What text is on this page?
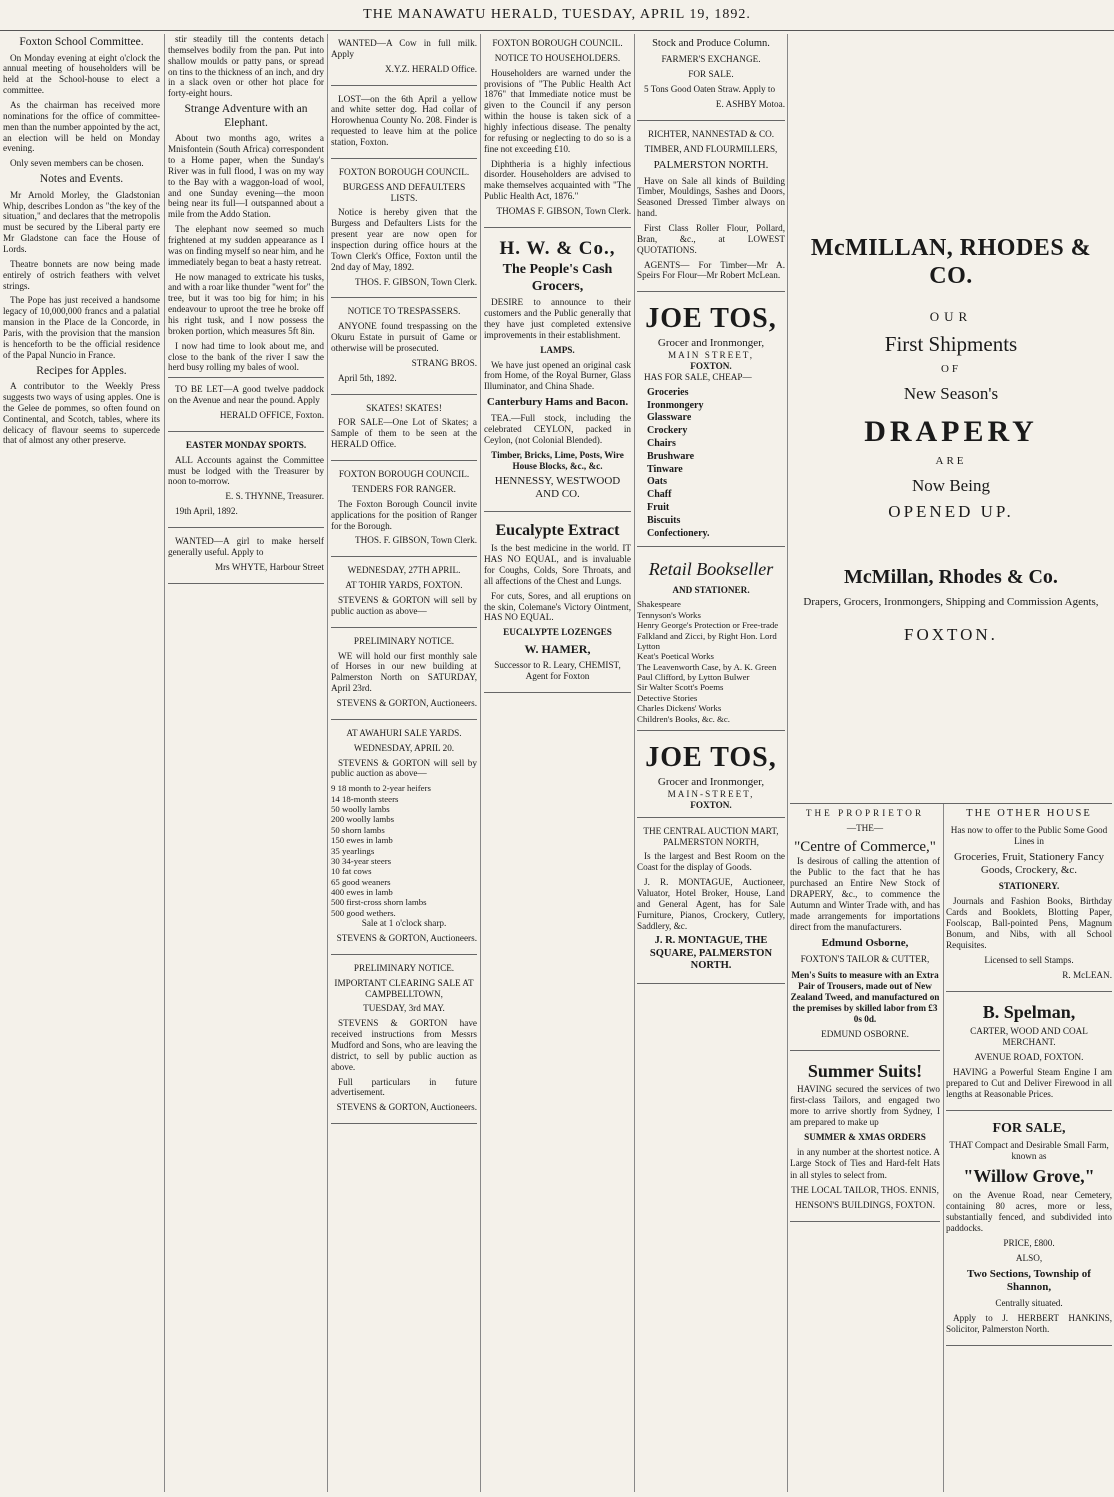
THE MANAWATU HERALD, TUESDAY, APRIL 19, 1892.
Foxton School Committee.

On Monday evening at eight o'clock the annual meeting of householders will be held at the School-house to elect a committee.

As the chairman has received more nominations for the office of committee-men than the number appointed by the act, an election will be held on Monday evening.

Only seven members can be chosen.

Notes and Events.

Mr Arnold Morley, the Gladstonian Whip, describes London as "the key of the situation," and declares that the metropolis must be secured by the Liberal party ere Mr Gladstone can face the House of Lords.

Theatre bonnets are now being made entirely of ostrich feathers with velvet strings.

The Pope has just received a handsome legacy of 10,000,000 francs and a palatial mansion in the Place de la Concorde, in Paris, with the provision that the mansion is henceforth to be the official residence of the Papal Nuncio in France.

Recipes for Apples.

A contributor to the Weekly Press suggests two ways of using apples. One is the Gelee de pommes, so often found on Continental, and Scotch, tables, where its delicacy of flavour seems to supercede that of almost any other preserve.

stir steadily till the contents detach themselves bodily from the pan. Put into shallow moulds or patty pans, or spread on tins to the thickness of an inch, and dry in a slack oven or other hot place for forty-eight hours.

Strange Adventure with an Elephant.

About two months ago, writes a Mnisfontein (South Africa) correspondent to a Home paper, when the Sunday's River was in full flood, I was on my way to the Bay with a waggon-load of wool, and one Sunday evening—the moon being near its full—I outspanned about a mile from the Addo Station.

The elephant now seemed so much frightened at my sudden appearance as I was on finding myself so near him, and he immediately began to beat a hasty retreat.

He now managed to extricate his tusks, and with a roar like thunder "went for" the tree, but it was too big for him; in his endeavour to uproot the tree he broke off his right tusk, and I now possess the broken portion, which measures 5ft 8in.

I now had time to look about me, and close to the bank of the river I saw the herd busy rolling my bales of wool.

TO BE LET—A good twelve paddock on the Avenue and near the pound. Apply

HERALD OFFICE, Foxton.

EASTER MONDAY SPORTS.

ALL Accounts against the Committee must be lodged with the Treasurer by noon to-morrow.

E. S. THYNNE, Treasurer.

19th April, 1892.

WANTED—A girl to make herself generally useful. Apply to

Mrs WHYTE, Harbour Street

WANTED—A Cow in full milk. Apply

X.Y.Z. HERALD Office.

LOST—on the 6th April a yellow and white setter dog. Had collar of Horowhenua County No. 208. Finder is requested to leave him at the police station, Foxton.

FOXTON BOROUGH COUNCIL.

BURGESS AND DEFAULTERS LISTS.

Notice is hereby given that the Burgess and Defaulters Lists for the present year are now open for inspection during office hours at the Town Clerk's Office, Foxton until the 2nd day of May, 1892.

THOS. F. GIBSON, Town Clerk.

NOTICE TO TRESPASSERS.

ANYONE found trespassing on the Okuru Estate in pursuit of Game or otherwise will be prosecuted.

STRANG BROS.

April 5th, 1892.

SKATES! SKATES!

FOR SALE—One Lot of Skates; a Sample of them to be seen at the HERALD Office.

FOXTON BOROUGH COUNCIL.

TENDERS FOR RANGER.

The Foxton Borough Council invite applications for the position of Ranger for the Borough.

THOS. F. GIBSON, Town Clerk.

WEDNESDAY, 27TH APRIL.

AT TOHIR YARDS, FOXTON.

STEVENS & GORTON will sell by public auction as above—

PRELIMINARY NOTICE.

WE will hold our first monthly sale of Horses in our new building at Palmerston North on SATURDAY, April 23rd.

STEVENS & GORTON, Auctioneers.

AT AWAHURI SALE YARDS.

WEDNESDAY, APRIL 20.

STEVENS & GORTON will sell by public auction as above—

9 18 month to 2-year heifers
14 18-month steers
50 woolly lambs
200 woolly lambs
50 shorn lambs
150 ewes in lamb
35 yearlings
30 34-year steers
10 fat cows
65 good weaners
400 ewes in lamb
500 first-cross shorn lambs
500 good wethers.

Sale at 1 o'clock sharp.

STEVENS & GORTON, Auctioneers.

PRELIMINARY NOTICE.

IMPORTANT CLEARING SALE AT CAMPBELLTOWN,

TUESDAY, 3rd MAY.

STEVENS & GORTON have received instructions from Messrs Mudford and Sons, who are leaving the district, to sell by public auction as above.

Full particulars in future advertisement.

STEVENS & GORTON, Auctioneers.

FOXTON BOROUGH COUNCIL.

NOTICE TO HOUSEHOLDERS.

Householders are warned under the provisions of "The Public Health Act 1876" that Immediate notice must be given to the Council if any person within the house is taken sick of a highly infectious disease. The penalty for refusing or neglecting to do so is a fine not exceeding £10.

Diphtheria is a highly infectious disorder. Householders are advised to make themselves acquainted with "The Public Health Act, 1876."

THOMAS F. GIBSON, Town Clerk.

H. W. & Co.,
The People's Cash Grocers,

DESIRE to announce to their customers and the Public generally that they have just completed extensive improvements in their establishment.

LAMPS.

We have just opened an original cask from Home, of the Royal Burner, Glass Illuminator, and China Shade.

Canterbury Hams and Bacon.

TEA.—Full stock, including the celebrated CEYLON, packed in Ceylon, (not Colonial Blended).

Timber, Bricks, Lime, Posts, Wire House Blocks, &c., &c.

HENNESSY, WESTWOOD AND CO.

Eucalypte Extract

Is the best medicine in the world. IT HAS NO EQUAL, and is invaluable for Coughs, Colds, Sore Throats, and all affections of the Chest and Lungs.

For cuts, Sores, and all eruptions on the skin, Colemane's Victory Ointment, HAS NO EQUAL.

EUCALYPTE LOZENGES

W. HAMER,

Successor to R. Leary, CHEMIST, Agent for Foxton

Stock and Produce Column.

FARMER'S EXCHANGE.

FOR SALE.

5 Tons Good Oaten Straw. Apply to

E. ASHBY Motoa.

RICHTER, NANNESTAD & CO.

TIMBER, AND FLOURMILLERS,

PALMERSTON NORTH.

Have on Sale all kinds of Building Timber, Mouldings, Sashes and Doors, Seasoned Dressed Timber always on hand.

First Class Roller Flour, Pollard, Bran, &c., at LOWEST QUOTATIONS.

AGENTS— For Timber—Mr A. Speirs For Flour—Mr Robert McLean.

JOE TOS,
Grocer and Ironmonger,
MAIN STREET,
FOXTON.

HAS FOR SALE, CHEAP—

Groceries
Ironmongery
Glassware
Crockery
Chairs
Brushware
Tinware
Oats
Chaff
Fruit
Biscuits
Confectionery.
Retail Bookseller

AND STATIONER.

Shakespeare
Tennyson's Works
Henry George's Protection or Free-trade
Falkland and Zicci, by Right Hon. Lord Lytton
Keat's Poetical Works
The Leavenworth Case, by A. K. Green
Paul Clifford, by Lytton Bulwer
Sir Walter Scott's Poems
Detective Stories
Charles Dickens' Works
Children's Books, &c. &c.
JOE TOS,
Grocer and Ironmonger,
MAIN-STREET,
FOXTON.

THE CENTRAL AUCTION MART, PALMERSTON NORTH,

Is the largest and Best Room on the Coast for the display of Goods.

J. R. MONTAGUE, Auctioneer, Valuator, Hotel Broker, House, Land and General Agent, has for Sale Furniture, Pianos, Crockery, Cutlery, Saddlery, &c.

J. R. MONTAGUE, THE SQUARE, PALMERSTON NORTH.

McMILLAN, RHODES & CO.
OUR
First Shipments
OF
New Season's
DRAPERY
ARE
Now Being
OPENED UP.
McMillan, Rhodes & Co.
Drapers, Grocers, Ironmongers, Shipping and Commission Agents,
FOXTON.

THE PROPRIETOR

—THE—

"Centre of Commerce,"

Is desirous of calling the attention of the Public to the fact that he has purchased an Entire New Stock of DRAPERY, &c., to commence the Autumn and Winter Trade with, and has made arrangements for importations direct from the manufacturers.

Edmund Osborne,

FOXTON'S TAILOR & CUTTER,

Men's Suits to measure with an Extra Pair of Trousers, made out of New Zealand Tweed, and manufactured on the premises by skilled labor from £3 0s 0d.

EDMUND OSBORNE.

Summer Suits!

HAVING secured the services of two first-class Tailors, and engaged two more to arrive shortly from Sydney, I am prepared to make up

SUMMER & XMAS ORDERS

in any number at the shortest notice. A Large Stock of Ties and Hard-felt Hats in all styles to select from.

THE LOCAL TAILOR, THOS. ENNIS,

HENSON'S BUILDINGS, FOXTON.

THE OTHER HOUSE

Has now to offer to the Public Some Good Lines in

Groceries, Fruit, Stationery Fancy Goods, Crockery, &c.

STATIONERY.

Journals and Fashion Books, Birthday Cards and Booklets, Blotting Paper, Foolscap, Ball-pointed Pens, Magnum Bonum, and Nibs, with all School Requisites.

Licensed to sell Stamps.

R. McLEAN.

B. Spelman,

CARTER, WOOD AND COAL MERCHANT.

AVENUE ROAD, FOXTON.

HAVING a Powerful Steam Engine I am prepared to Cut and Deliver Firewood in all lengths at Reasonable Prices.

FOR SALE,

THAT Compact and Desirable Small Farm, known as

"Willow Grove,"

on the Avenue Road, near Cemetery, containing 80 acres, more or less, substantially fenced, and subdivided into paddocks.

PRICE, £800.

ALSO,

Two Sections, Township of Shannon,

Centrally situated.

Apply to J. HERBERT HANKINS, Solicitor, Palmerston North.
